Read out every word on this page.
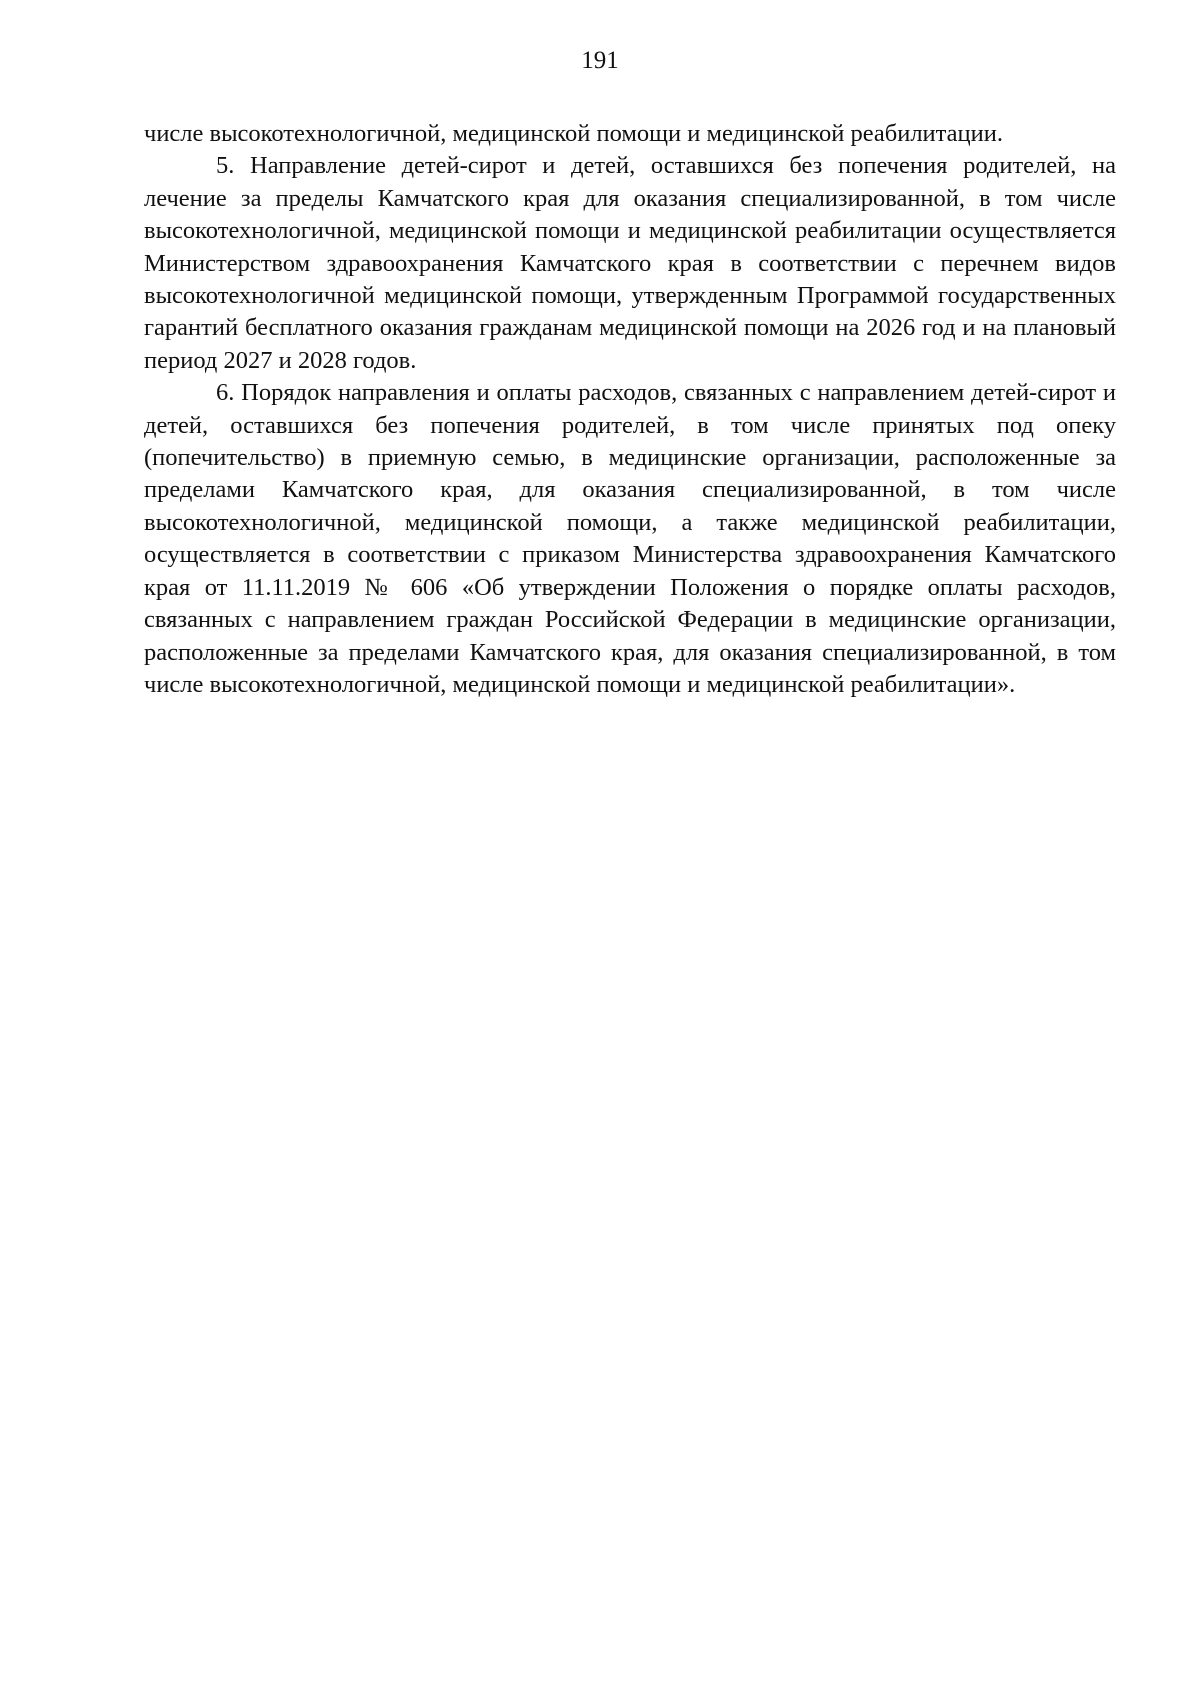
191

числе высокотехнологичной, медицинской помощи и медицинской реабилитации.

5. Направление детей-сирот и детей, оставшихся без попечения родителей, на лечение за пределы Камчатского края для оказания специализированной, в том числе высокотехнологичной, медицинской помощи и медицинской реабилитации осуществляется Министерством здравоохранения Камчатского края в соответствии с перечнем видов высокотехнологичной медицинской помощи, утвержденным Программой государственных гарантий бесплатного оказания гражданам медицинской помощи на 2026 год и на плановый период 2027 и 2028 годов.

6. Порядок направления и оплаты расходов, связанных с направлением детей-сирот и детей, оставшихся без попечения родителей, в том числе принятых под опеку (попечительство) в приемную семью, в медицинские организации, расположенные за пределами Камчатского края, для оказания специализированной, в том числе высокотехнологичной, медицинской помощи, а также медицинской реабилитации, осуществляется в соответствии с приказом Министерства здравоохранения Камчатского края от 11.11.2019 № 606 «Об утверждении Положения о порядке оплаты расходов, связанных с направлением граждан Российской Федерации в медицинские организации, расположенные за пределами Камчатского края, для оказания специализированной, в том числе высокотехнологичной, медицинской помощи и медицинской реабилитации».
